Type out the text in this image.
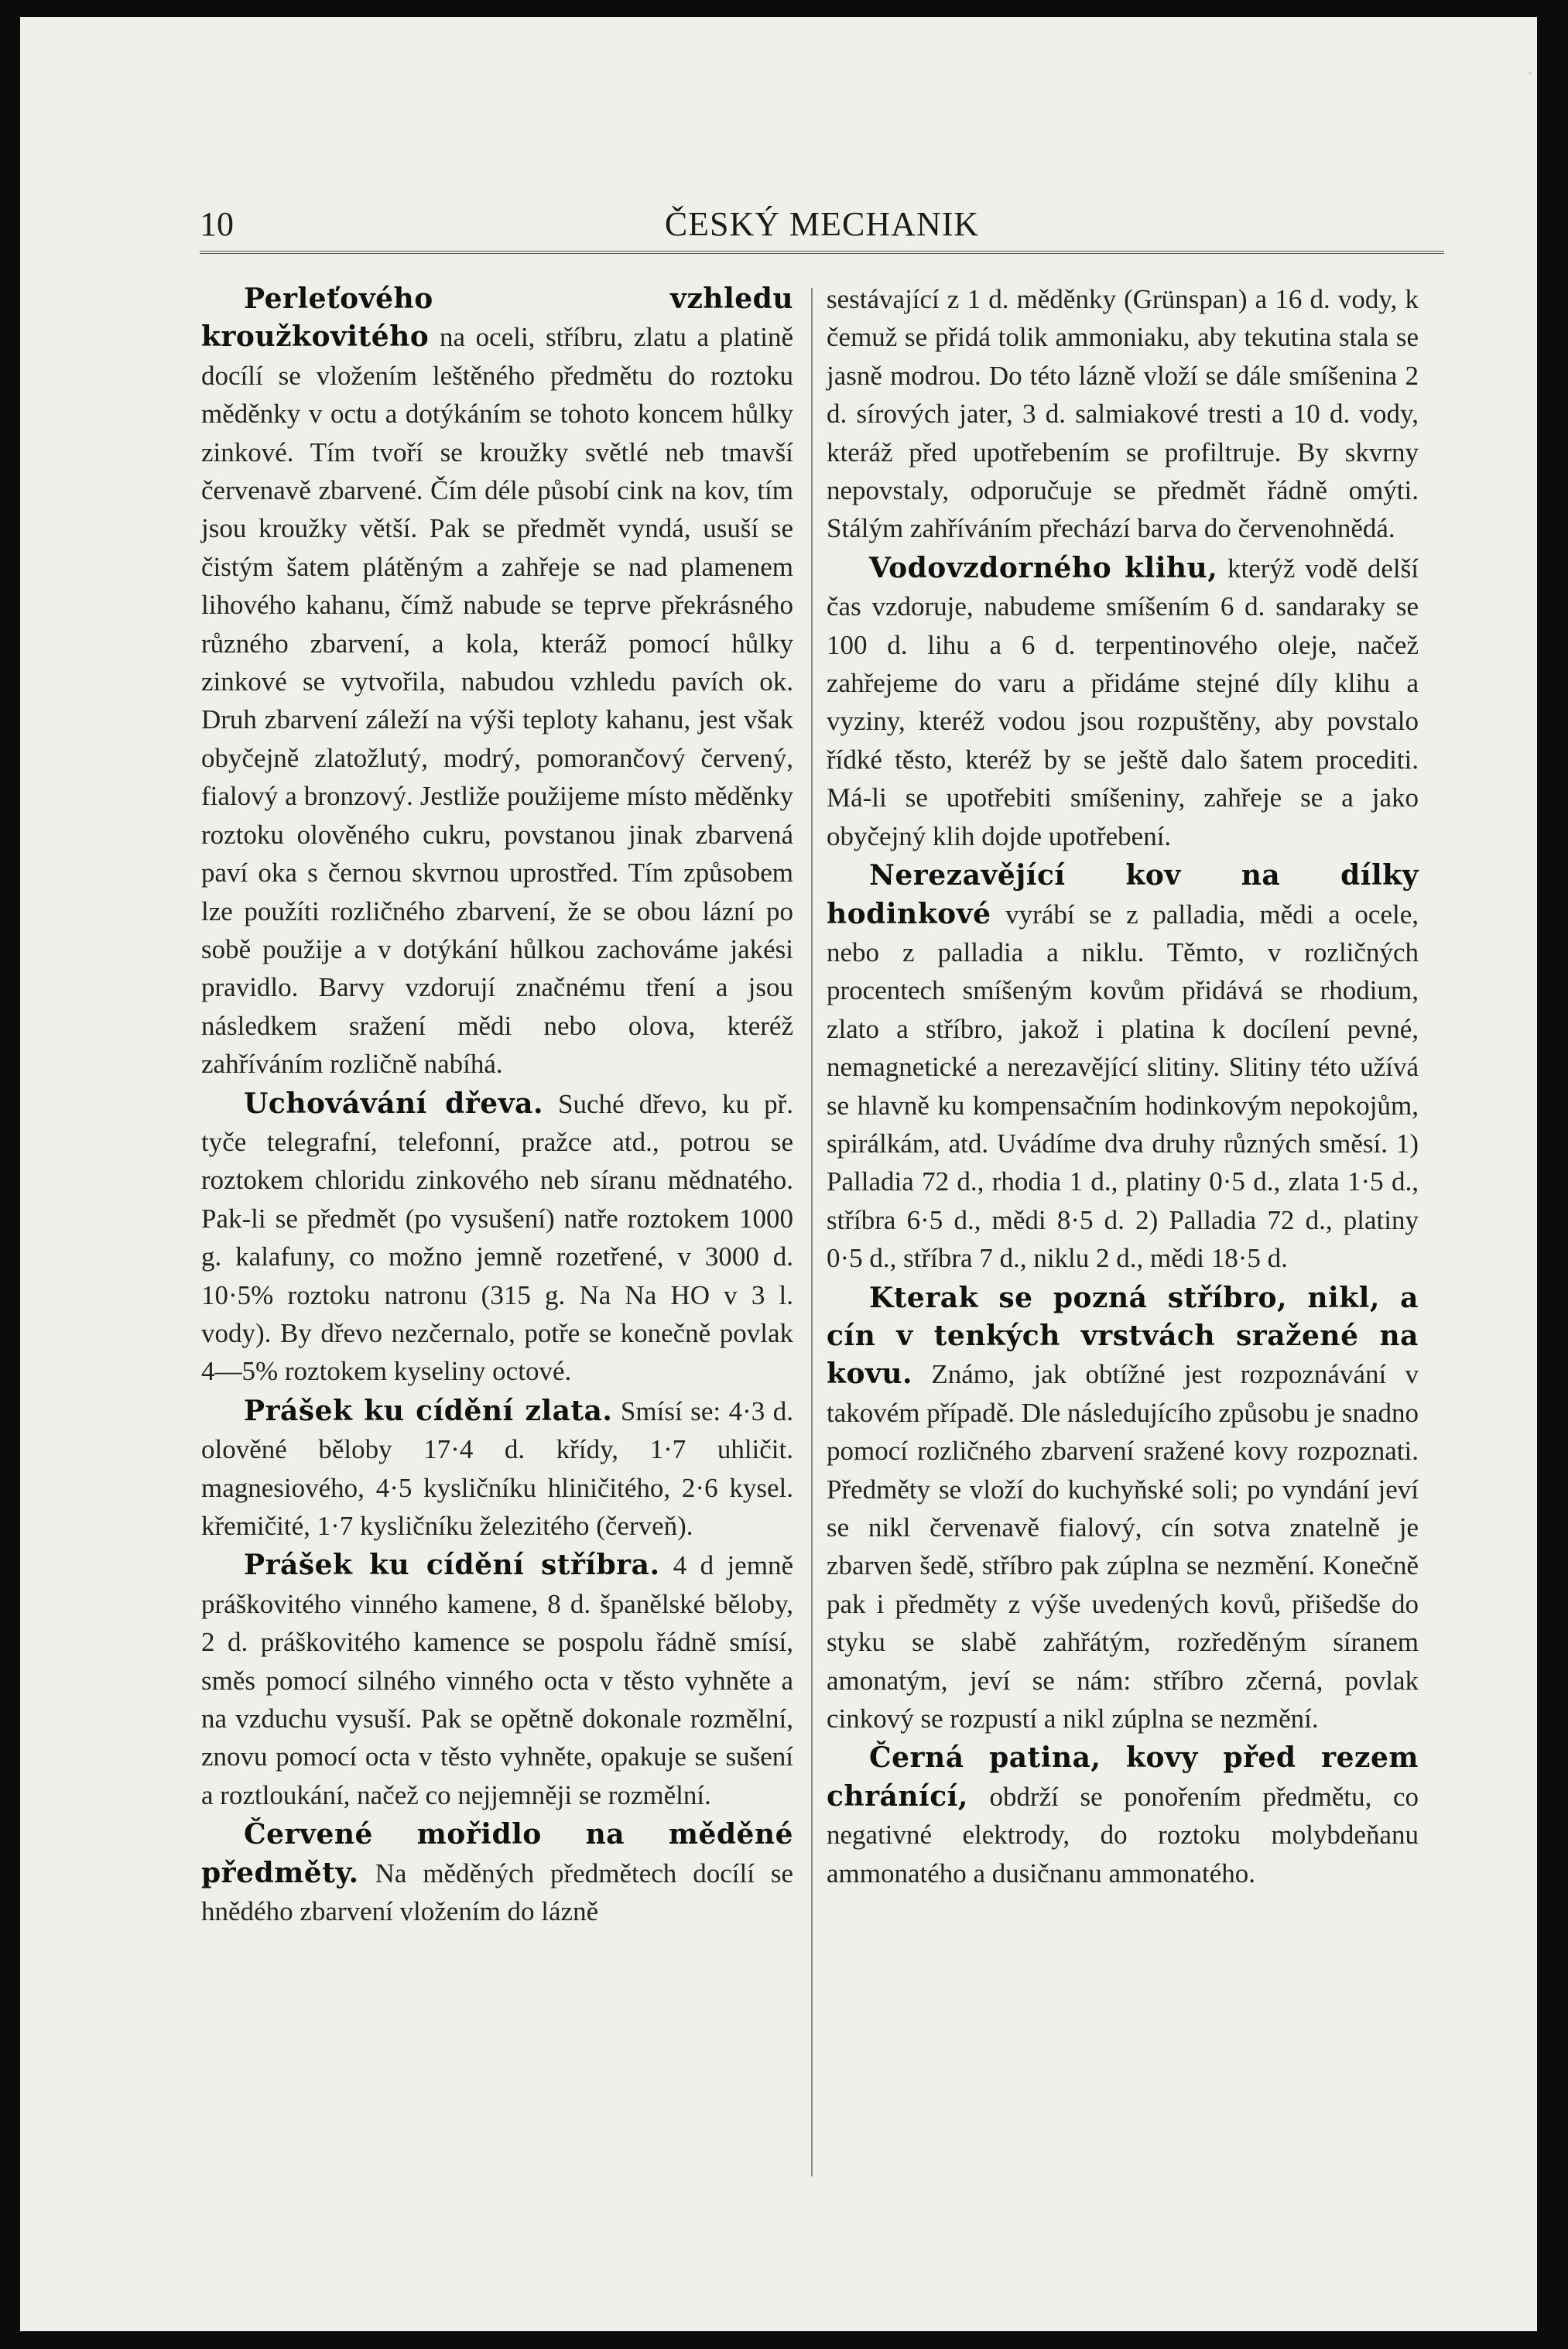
·
10	ČESKÝ MECHANIK

Perleťového vzhledu kroužkovitého na oceli, stříbru, zlatu a platině docílí se vložením leštěného předmětu do roztoku měděnky v octu a dotýkáním se tohoto koncem hůlky zinkové. Tím tvoří se kroužky světlé neb tmavší červenavě zbarvené. Čím déle působí cink na kov, tím jsou kroužky větší. Pak se předmět vyndá, usuší se čistým šatem plátěným a zahřeje se nad plamenem lihového kahanu, čímž nabude se teprve překrásného různého zbarvení, a kola, kteráž pomocí hůlky zinkové se vytvořila, nabudou vzhledu pavích ok. Druh zbarvení záleží na výši teploty kahanu, jest však obyčejně zlatožlutý, modrý, pomorančový červený, fialový a bronzový. Jestliže použijeme místo měděnky roztoku olověného cukru, povstanou jinak zbarvená paví oka s černou skvrnou uprostřed. Tím způsobem lze použíti rozličného zbarvení, že se obou lázní po sobě použije a v dotýkání hůlkou zachováme jakési pravidlo. Barvy vzdorují značnému tření a jsou následkem sražení mědi nebo olova, kteréž zahříváním rozličně nabíhá.

Uchovávání dřeva. Suché dřevo, ku př. tyče telegrafní, telefonní, pražce atd., potrou se roztokem chloridu zinkového neb síranu mědnatého. Pak-li se předmět (po vysušení) natře roztokem 1000 g. kalafuny, co možno jemně rozetřené, v 3000 d. 10·5% roztoku natronu (315 g. Na Na HO v 3 l. vody). By dřevo nezčernalo, potře se konečně povlak 4—5% roztokem kyseliny octové.

Prášek ku cídění zlata. Smísí se: 4·3 d. olověné běloby 17·4 d. křídy, 1·7 uhličit. magnesiového, 4·5 kysličníku hliničitého, 2·6 kysel. křemičité, 1·7 kysličníku železitého (červeň).

Prášek ku cídění stříbra. 4 d jemně práškovitého vinného kamene, 8 d. španělské běloby, 2 d. práškovitého kamence se pospolu řádně smísí, směs pomocí silného vinného octa v těsto vyhněte a na vzduchu vysuší. Pak se opětně dokonale rozmělní, znovu pomocí octa v těsto vyhněte, opakuje se sušení a roztloukání, načež co nejjemněji se rozmělní.

Červené mořidlo na měděné předměty. Na měděných předmětech docílí se hnědého zbarvení vložením do lázně

sestávající z 1 d. měděnky (Grünspan) a 16 d. vody, k čemuž se přidá tolik ammoniaku, aby tekutina stala se jasně modrou. Do této lázně vloží se dále smíšenina 2 d. sírových jater, 3 d. salmiakové tresti a 10 d. vody, kteráž před upotřebením se profiltruje. By skvrny nepovstaly, odporučuje se předmět řádně omýti. Stálým zahříváním přechází barva do červenohnědá.

Vodovzdorného klihu, kterýž vodě delší čas vzdoruje, nabudeme smíšením 6 d. sandaraky se 100 d. lihu a 6 d. terpentinového oleje, načež zahřejeme do varu a přidáme stejné díly klihu a vyziny, kteréž vodou jsou rozpuštěny, aby povstalo řídké těsto, kteréž by se ještě dalo šatem procediti. Má-li se upotřebiti smíšeniny, zahřeje se a jako obyčejný klih dojde upotřebení.

Nerezavějící kov na dílky hodinkové vyrábí se z palladia, mědi a ocele, nebo z palladia a niklu. Těmto, v rozličných procentech smíšeným kovům přidává se rhodium, zlato a stříbro, jakož i platina k docílení pevné, nemagnetické a nerezavějící slitiny. Slitiny této užívá se hlavně ku kompensačním hodinkovým nepokojům, spirálkám, atd. Uvádíme dva druhy různých směsí. 1) Palladia 72 d., rhodia 1 d., platiny 0·5 d., zlata 1·5 d., stříbra 6·5 d., mědi 8·5 d. 2) Palladia 72 d., platiny 0·5 d., stříbra 7 d., niklu 2 d., mědi 18·5 d.

Kterak se pozná stříbro, nikl, a cín v tenkých vrstvách sražené na kovu. Známo, jak obtížné jest rozpoznávání v takovém případě. Dle následujícího způsobu je snadno pomocí rozličného zbarvení sražené kovy rozpoznati. Předměty se vloží do kuchyňské soli; po vyndání jeví se nikl červenavě fialový, cín sotva znatelně je zbarven šedě, stříbro pak zúplna se nezmění. Konečně pak i předměty z výše uvedených kovů, přišedše do styku se slabě zahřátým, rozředěným síranem amonatým, jeví se nám: stříbro zčerná, povlak cinkový se rozpustí a nikl zúplna se nezmění.

Černá patina, kovy před rezem chránící, obdrží se ponořením předmětu, co negativné elektrody, do roztoku molybdeňanu ammonatého a dusičnanu ammonatého.
